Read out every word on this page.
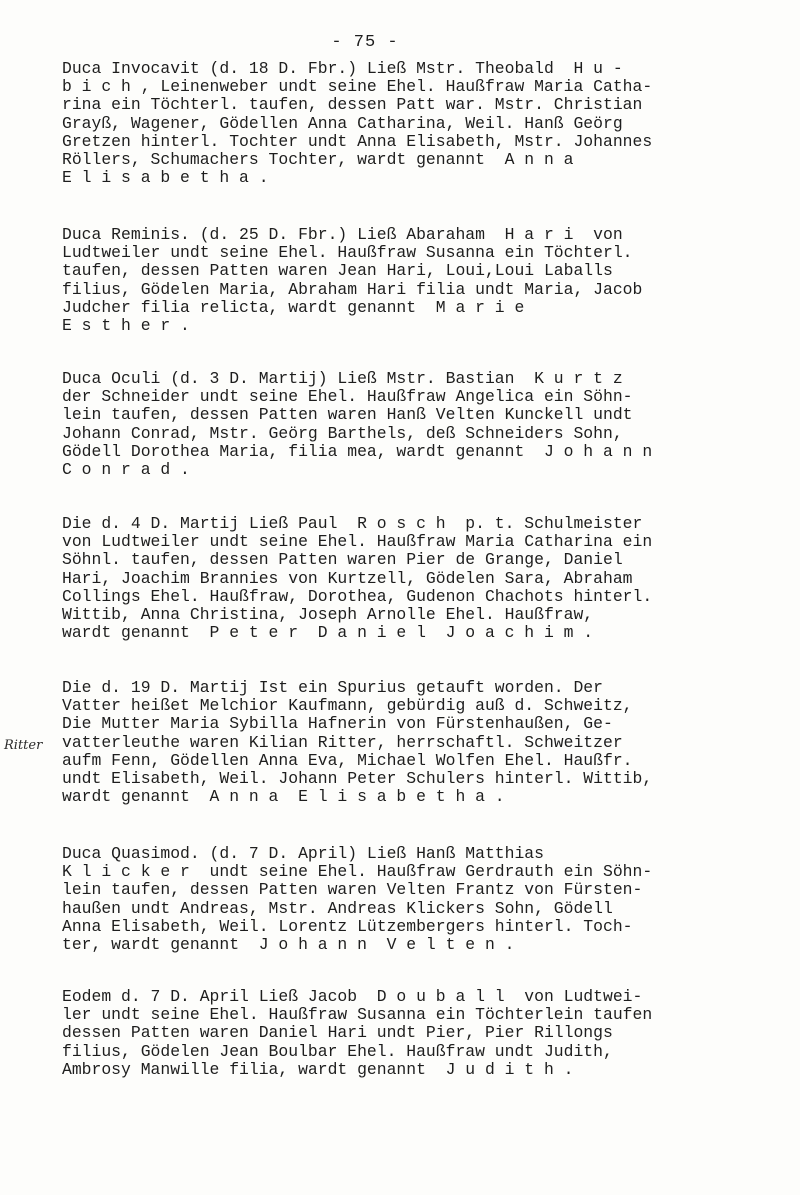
- 75 -
Ritter
Duca Invocavit (d. 18 D. Fbr.) Ließ Mstr. Theobald  H u -
b i c h , Leinenweber undt seine Ehel. Haußfraw Maria Catha-
rina ein Töchterl. taufen, dessen Patt war. Mstr. Christian
Grayß, Wagener, Gödellen Anna Catharina, Weil. Hanß Geörg
Gretzen hinterl. Tochter undt Anna Elisabeth, Mstr. Johannes
Röllers, Schumachers Tochter, wardt genannt  A n n a
E l i s a b e t h a .
Duca Reminis. (d. 25 D. Fbr.) Ließ Abaraham  H a r i  von
Ludtweiler undt seine Ehel. Haußfraw Susanna ein Töchterl.
taufen, dessen Patten waren Jean Hari, Loui,Loui Laballs
filius, Gödelen Maria, Abraham Hari filia undt Maria, Jacob
Judcher filia relicta, wardt genannt  M a r i e
E s t h e r .
Duca Oculi (d. 3 D. Martij) Ließ Mstr. Bastian  K u r t z
der Schneider undt seine Ehel. Haußfraw Angelica ein Söhn-
lein taufen, dessen Patten waren Hanß Velten Kunckell undt
Johann Conrad, Mstr. Geörg Barthels, deß Schneiders Sohn,
Gödell Dorothea Maria, filia mea, wardt genannt  J o h a n n
C o n r a d .
Die d. 4 D. Martij Ließ Paul  R o s c h  p. t. Schulmeister
von Ludtweiler undt seine Ehel. Haußfraw Maria Catharina ein
Söhnl. taufen, dessen Patten waren Pier de Grange, Daniel
Hari, Joachim Brannies von Kurtzell, Gödelen Sara, Abraham
Collings Ehel. Haußfraw, Dorothea, Gudenon Chachots hinterl.
Wittib, Anna Christina, Joseph Arnolle Ehel. Haußfraw,
wardt genannt  P e t e r  D a n i e l  J o a c h i m .
Die d. 19 D. Martij Ist ein Spurius getauft worden. Der
Vatter heißet Melchior Kaufmann, gebürdig auß d. Schweitz,
Die Mutter Maria Sybilla Hafnerin von Fürstenhaußen, Ge-
vatterleuthe waren Kilian Ritter, herrschaftl. Schweitzer
aufm Fenn, Gödellen Anna Eva, Michael Wolfen Ehel. Haußfr.
undt Elisabeth, Weil. Johann Peter Schulers hinterl. Wittib,
wardt genannt  A n n a  E l i s a b e t h a .
Duca Quasimod. (d. 7 D. April) Ließ Hanß Matthias
K l i c k e r  undt seine Ehel. Haußfraw Gerdrauth ein Söhn-
lein taufen, dessen Patten waren Velten Frantz von Fürsten-
haußen undt Andreas, Mstr. Andreas Klickers Sohn, Gödell
Anna Elisabeth, Weil. Lorentz Lützembergers hinterl. Toch-
ter, wardt genannt  J o h a n n  V e l t e n .
Eodem d. 7 D. April Ließ Jacob  D o u b a l l  von Ludtwei-
ler undt seine Ehel. Haußfraw Susanna ein Töchterlein taufen
dessen Patten waren Daniel Hari undt Pier, Pier Rillongs
filius, Gödelen Jean Boulbar Ehel. Haußfraw undt Judith,
Ambrosy Manwille filia, wardt genannt  J u d i t h .
